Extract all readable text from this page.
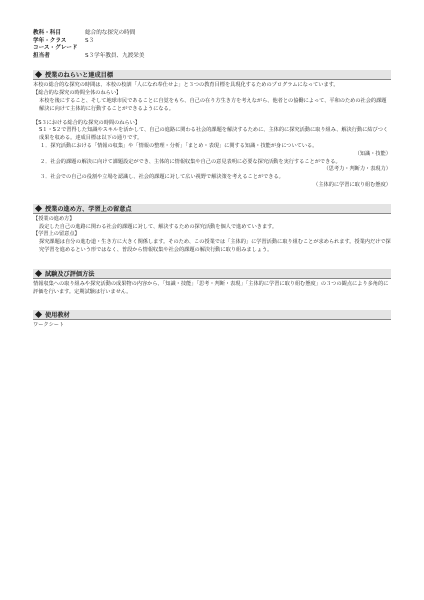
教科・科目	総合的な探究の時間
学年・クラス	S３
コース・グレード
担当者	S３学年教員、九渡栄美
授業のねらいと達成目標
本校の総合的な探究の時間は、本校の校訓「人になれ奉仕せよ」と３つの教育目標を具現化するためのプログラムになっています。
【総合的な探究の時間全体のねらい】
本校を後にすること、そして地球市民であることに自覚をもち、自己の在り方生き方を考えながら、他者との協働によって、平和のための社会的課題解決に向けて主体的に行動することができるようになる。
【S３における総合的な探究の時間のねらい】
S１・S２で習得した知識やスキルを活かして、自己の進路に関わる社会的課題を解決するために、主体的に探究活動に取り組み、解決行動に結びつく成果を収める。達成目標は以下の通りです。
１．探究活動における「情報の収集」や「情報の整理・分析」「まとめ・表現」に関する知識・技能が身についている。
（知識・技能）
２．社会的課題の解決に向けて課題設定ができ、主体的に情報収集や自己の意見表明に必要な探究活動を実行することができる。
（思考力・判断力・表現力）
３．社会での自己の役割や立場を認識し、社会的課題に対して広い視野で解決策を考えることができる。
（主体的に学習に取り組む態度）
授業の進め方、学習上の留意点
【授業の進め方】
設定した自己の進路に関わる社会的課題に対して、解決するための探究活動を個人で進めていきます。
【学習上の留意点】
探究課題は自分の進む道・生き方に大きく関係します。そのため、この授業では「主体的」に学習活動に取り組むことが求められます。授業内だけで探究学習を進めるという形ではなく、普段から情報収集や社会的課題の解決行動に取り組みましょう。
試験及び評価方法
情報収集への取り組みや探究活動の成果物の内容から、「知識・技能」「思考・判断・表現」「主体的に学習に取り組む態度」の３つの観点により多角的に評価を行います。定期試験は行いません。
使用教材
ワークシート
